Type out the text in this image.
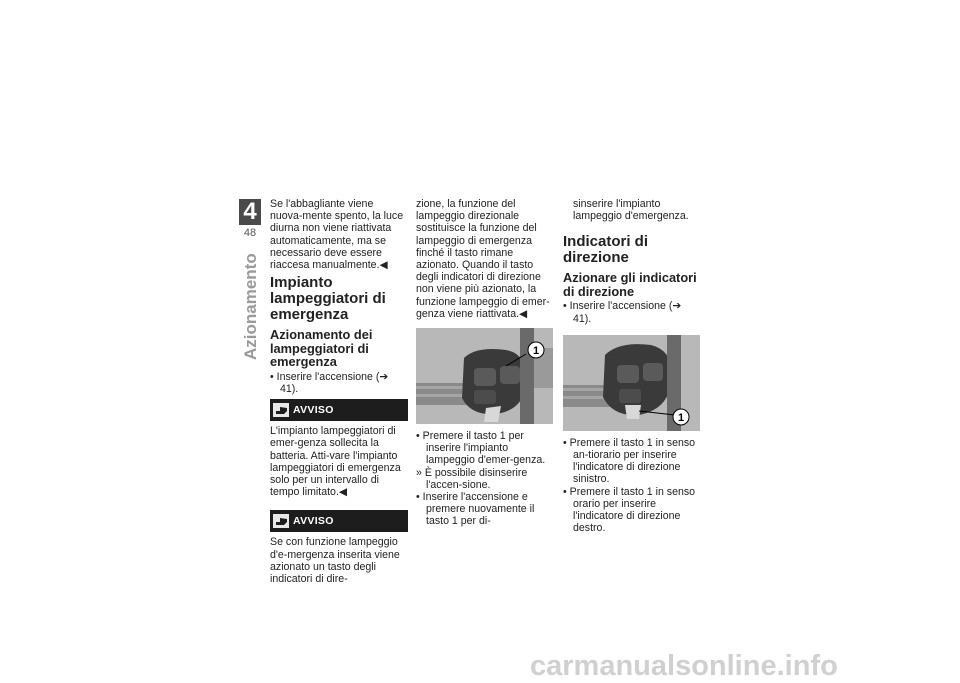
4
48
Azionamento

Se l'abbagliante viene nuova-mente spento, la luce diurna non viene riattivata automaticamente, ma se necessario deve essere riaccesa manualmente.◀

Impianto lampeggiatori di emergenza
Azionamento dei lampeggiatori di emergenza

• Inserire l'accensione (➔ 41).

AVVISO

L'impianto lampeggiatori di emer-genza sollecita la batteria. Atti-vare l'impianto lampeggiatori di emergenza solo per un intervallo di tempo limitato.◀

AVVISO

Se con funzione lampeggio d'e-mergenza inserita viene azionato un tasto degli indicatori di dire-

zione, la funzione del lampeggio direzionale sostituisce la funzione del lampeggio di emergenza finché il tasto rimane azionato. Quando il tasto degli indicatori di direzione non viene più azionato, la funzione lampeggio di emer-genza viene riattivata.◀

1

• Premere il tasto 1 per inserire l'impianto lampeggio d'emer-genza.

» È possibile disinserire l'accen-sione.

• Inserire l'accensione e premere nuovamente il tasto 1 per di-

sinserire l'impianto lampeggio d'emergenza.

Indicatori di direzione
Azionare gli indicatori di direzione

• Inserire l'accensione (➔ 41).

1

• Premere il tasto 1 in senso an-tiorario per inserire l'indicatore di direzione sinistro.

• Premere il tasto 1 in senso orario per inserire l'indicatore di direzione destro.

carmanualsonline.info
